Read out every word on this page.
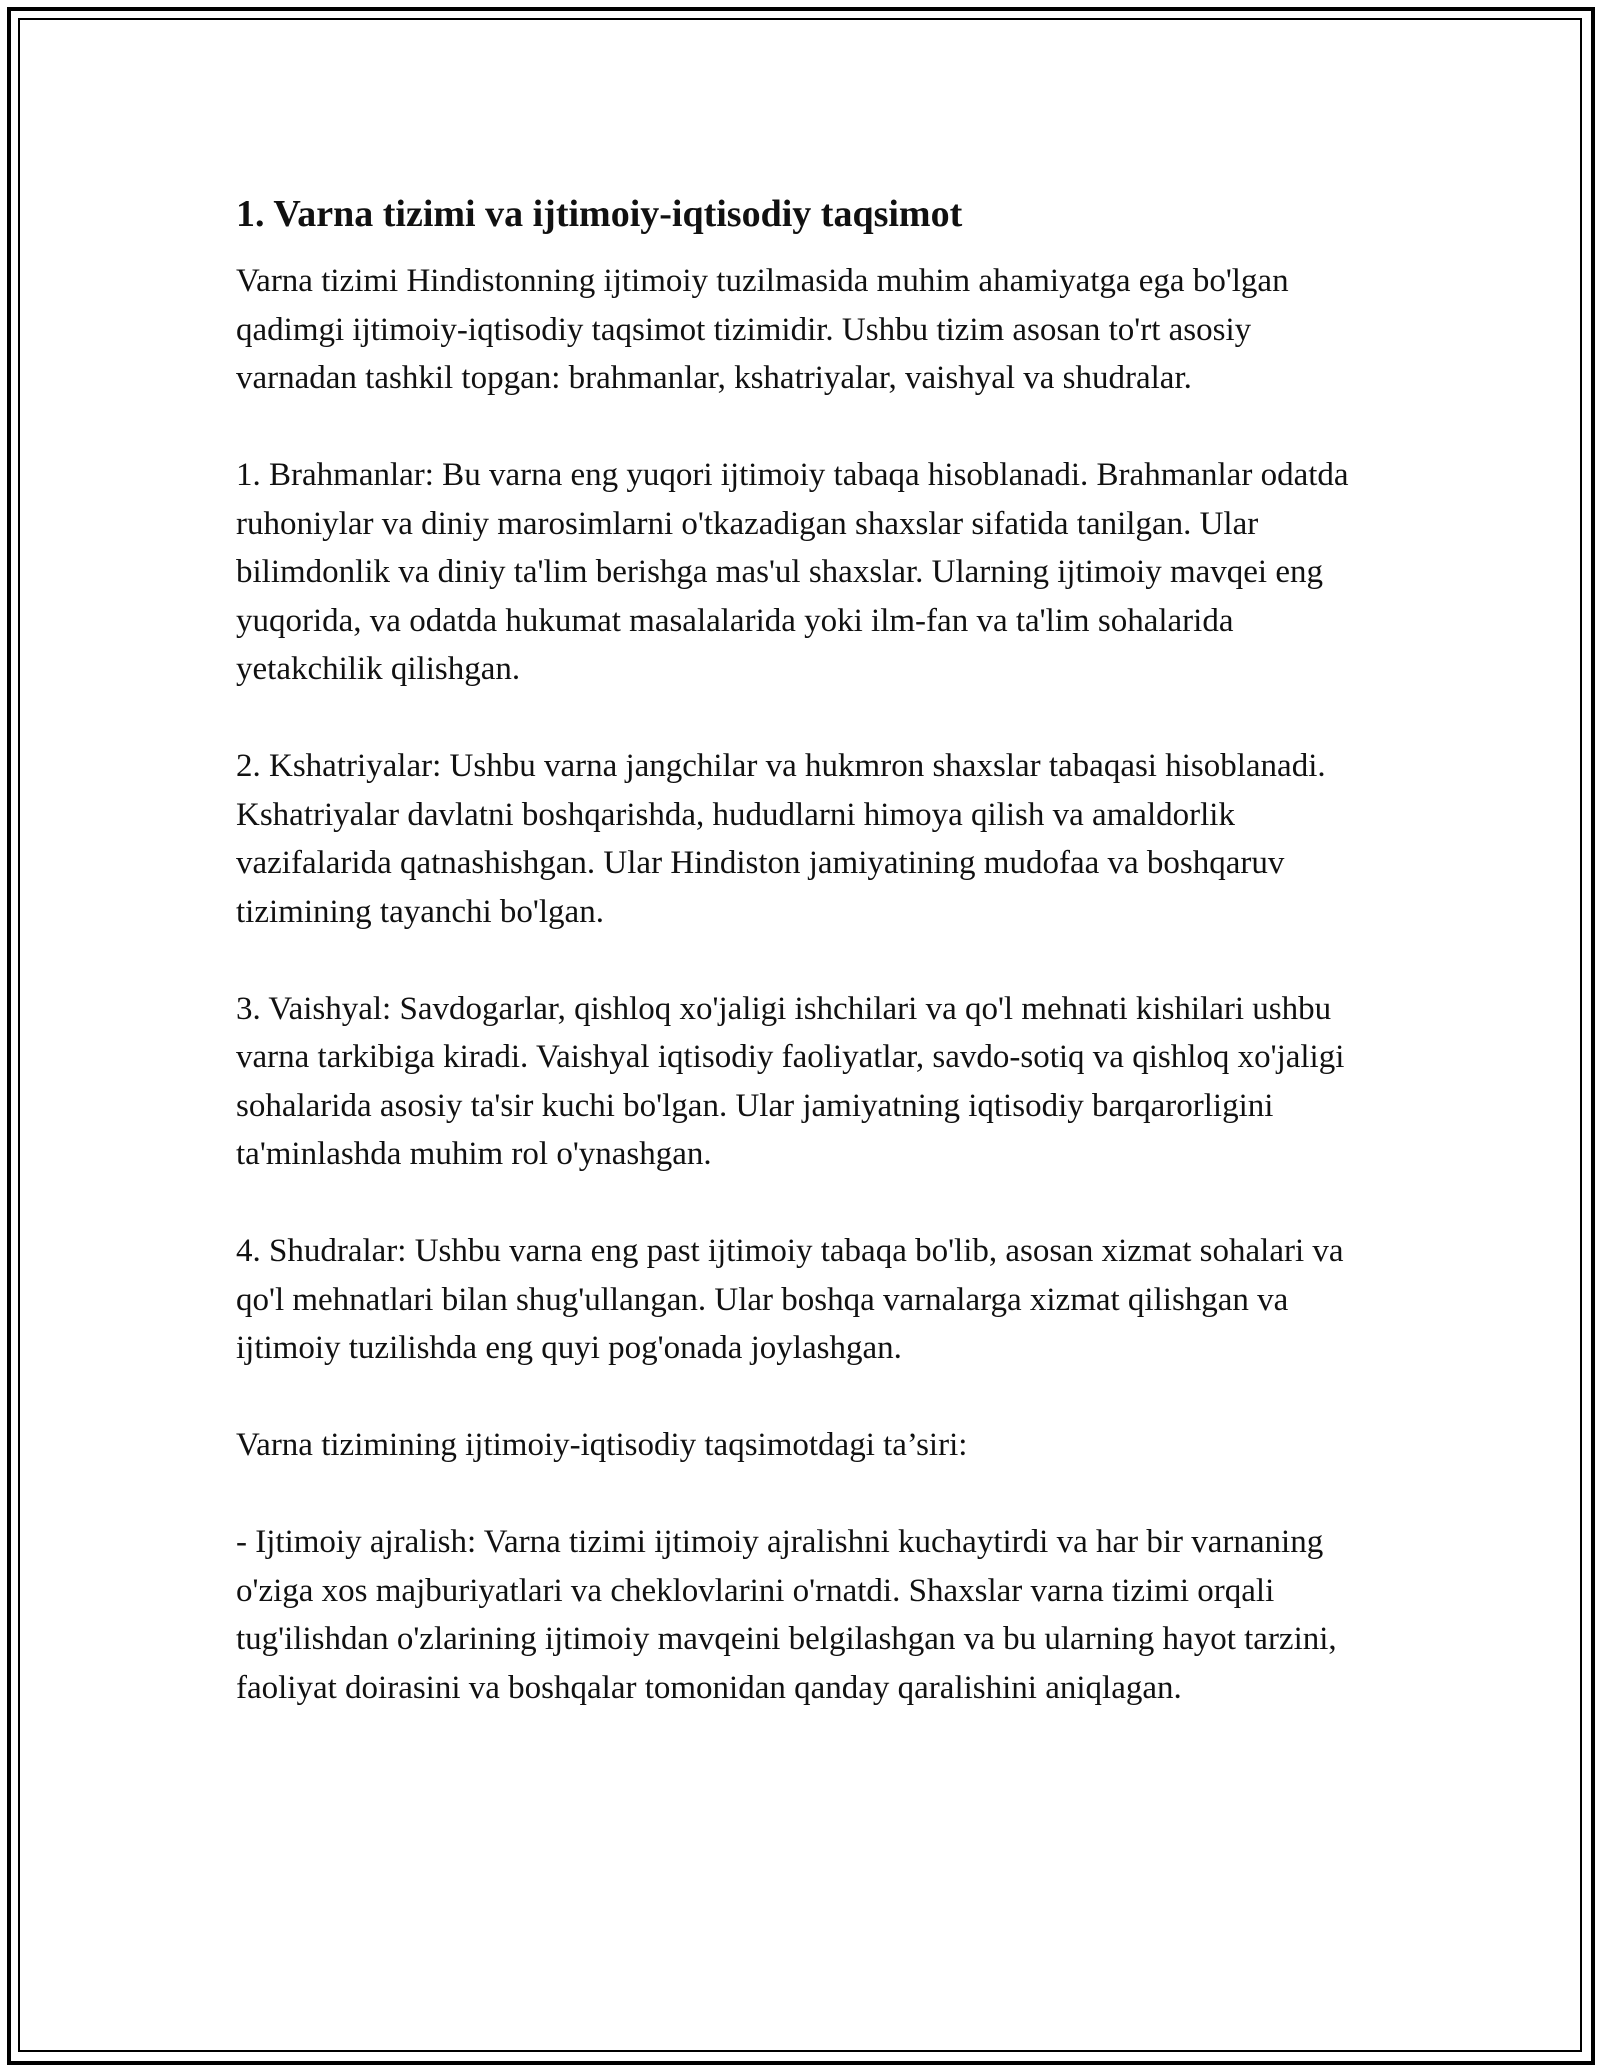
1. Varna tizimi va ijtimoiy-iqtisodiy taqsimot

Varna tizimi Hindistonning ijtimoiy tuzilmasida muhim ahamiyatga ega bo'lgan qadimgi ijtimoiy-iqtisodiy taqsimot tizimidir. Ushbu tizim asosan to'rt asosiy varnadan tashkil topgan: brahmanlar, kshatriyalar, vaishyal va shudralar.

1. Brahmanlar: Bu varna eng yuqori ijtimoiy tabaqa hisoblanadi. Brahmanlar odatda ruhoniylar va diniy marosimlarni o'tkazadigan shaxslar sifatida tanilgan. Ular bilimdonlik va diniy ta'lim berishga mas'ul shaxslar. Ularning ijtimoiy mavqei eng yuqorida, va odatda hukumat masalalarida yoki ilm-fan va ta'lim sohalarida yetakchilik qilishgan.

2. Kshatriyalar: Ushbu varna jangchilar va hukmron shaxslar tabaqasi hisoblanadi. Kshatriyalar davlatni boshqarishda, hududlarni himoya qilish va amaldorlik vazifalarida qatnashishgan. Ular Hindiston jamiyatining mudofaa va boshqaruv tizimining tayanchi bo'lgan.

3. Vaishyal: Savdogarlar, qishloq xo'jaligi ishchilari va qo'l mehnati kishilari ushbu varna tarkibiga kiradi. Vaishyal iqtisodiy faoliyatlar, savdo-sotiq va qishloq xo'jaligi sohalarida asosiy ta'sir kuchi bo'lgan. Ular jamiyatning iqtisodiy barqarorligini ta'minlashda muhim rol o'ynashgan.

4. Shudralar: Ushbu varna eng past ijtimoiy tabaqa bo'lib, asosan xizmat sohalari va qo'l mehnatlari bilan shug'ullangan. Ular boshqa varnalarga xizmat qilishgan va ijtimoiy tuzilishda eng quyi pog'onada joylashgan.

Varna tizimining ijtimoiy-iqtisodiy taqsimotdagi ta’siri:

- Ijtimoiy ajralish: Varna tizimi ijtimoiy ajralishni kuchaytirdi va har bir varnaning o'ziga xos majburiyatlari va cheklovlarini o'rnatdi. Shaxslar varna tizimi orqali tug'ilishdan o'zlarining ijtimoiy mavqeini belgilashgan va bu ularning hayot tarzini, faoliyat doirasini va boshqalar tomonidan qanday qaralishini aniqlagan.
